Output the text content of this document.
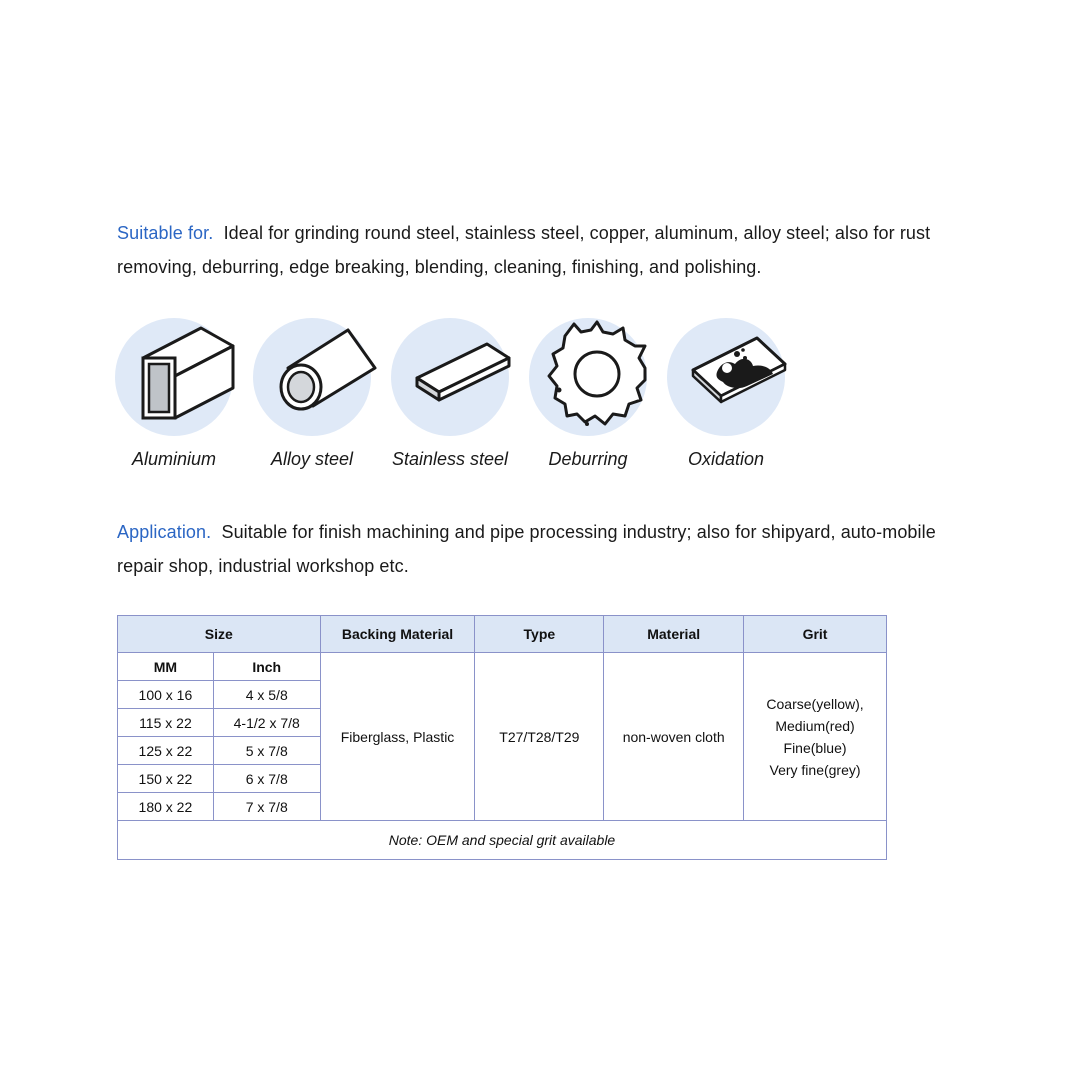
Suitable for. Ideal for grinding round steel, stainless steel, copper, aluminum, alloy steel; also for rust removing, deburring, edge breaking, blending, cleaning, finishing, and polishing.
Aluminium	Alloy steel	Stainless steel	Deburring	Oxidation
Application. Suitable for finish machining and pipe processing industry; also for shipyard, auto-mobile repair shop, industrial workshop etc.
Size		Backing Material	Type	Material	Grit
MM	Inch	Fiberglass, Plastic	T27/T28/T29	non-woven cloth	Coarse(yellow),
Medium(red)
Fine(blue)
Very fine(grey)

100 x 16	4 x 5/8				
115 x 22	4-1/2 x 7/8				
125 x 22	5 x 7/8				
150 x 22	6 x 7/8				
180 x 22	7 x 7/8				
Note: OEM and special grit available					
